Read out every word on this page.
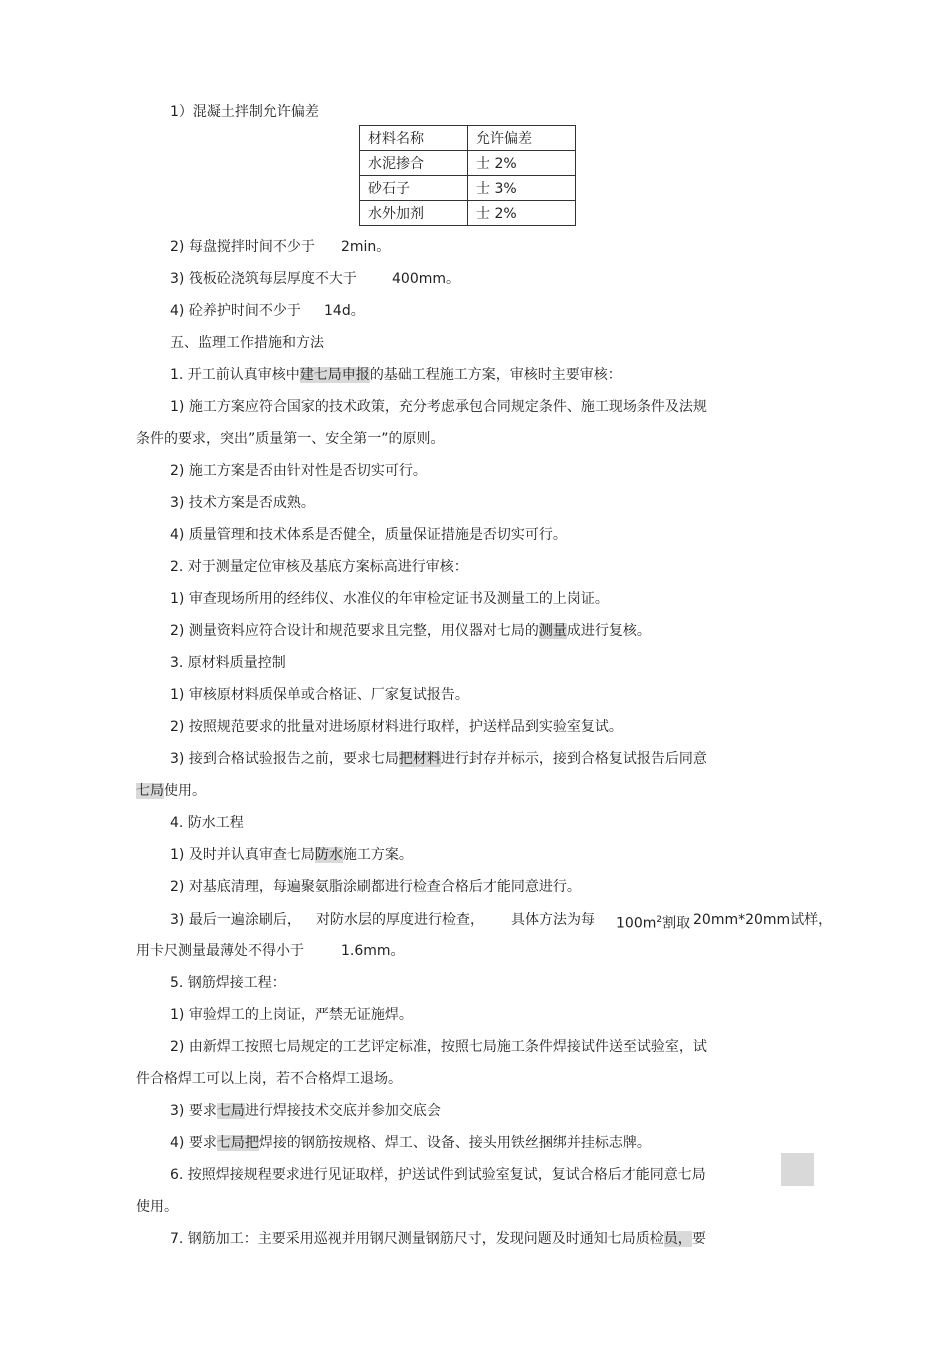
1）混凝土拌制允许偏差
材料名称	允许偏差
水泥掺合	士 2%
砂石子	士 3%
水外加剂	士 2%
2) 每盘搅拌时间不少于 2min。
3) 筏板砼浇筑每层厚度不大于	400mm。
4) 砼养护时间不少于 14d。
五、监理工作措施和方法
1. 开工前认真审核中建七局申报的基础工程施工方案，审核时主要审核：
1) 施工方案应符合国家的技术政策，充分考虑承包合同规定条件、施工现场条件及法规
条件的要求，突出”质量第一、安全第一”的原则。
2) 施工方案是否由针对性是否切实可行。
3) 技术方案是否成熟。
4) 质量管理和技术体系是否健全，质量保证措施是否切实可行。
2. 对于测量定位审核及基底方案标高进行审核：
1) 审查现场所用的经纬仪、水准仪的年审检定证书及测量工的上岗证。
2) 测量资料应符合设计和规范要求且完整，用仪器对七局的测量成进行复核。
3. 原材料质量控制
1) 审核原材料质保单或合格证、厂家复试报告。
2) 按照规范要求的批量对进场原材料进行取样，护送样品到实验室复试。
3) 接到合格试验报告之前，要求七局把材料进行封存并标示，接到合格复试报告后同意
七局使用。
4. 防水工程
1) 及时并认真审查七局防水施工方案。
2) 对基底清理，每遍聚氨脂涂刷都进行检查合格后才能同意进行。
3) 最后一遍涂刷后， 对防水层的厚度进行检查， 具体方法为每 $100m^2$割取 20mm*20mm试样，
用卡尺测量最薄处不得小于	1.6mm。
5. 钢筋焊接工程：
1) 审验焊工的上岗证，严禁无证施焊。
2) 由新焊工按照七局规定的工艺评定标准，按照七局施工条件焊接试件送至试验室，试
件合格焊工可以上岗，若不合格焊工退场。
3) 要求七局进行焊接技术交底并参加交底会
4) 要求七局把焊接的钢筋按规格、焊工、设备、接头用铁丝捆绑并挂标志牌。
6. 按照焊接规程要求进行见证取样，护送试件到试验室复试，复试合格后才能同意七局
使用。
7. 钢筋加工：主要采用巡视并用钢尺测量钢筋尺寸，发现问题及时通知七局质检员，要
